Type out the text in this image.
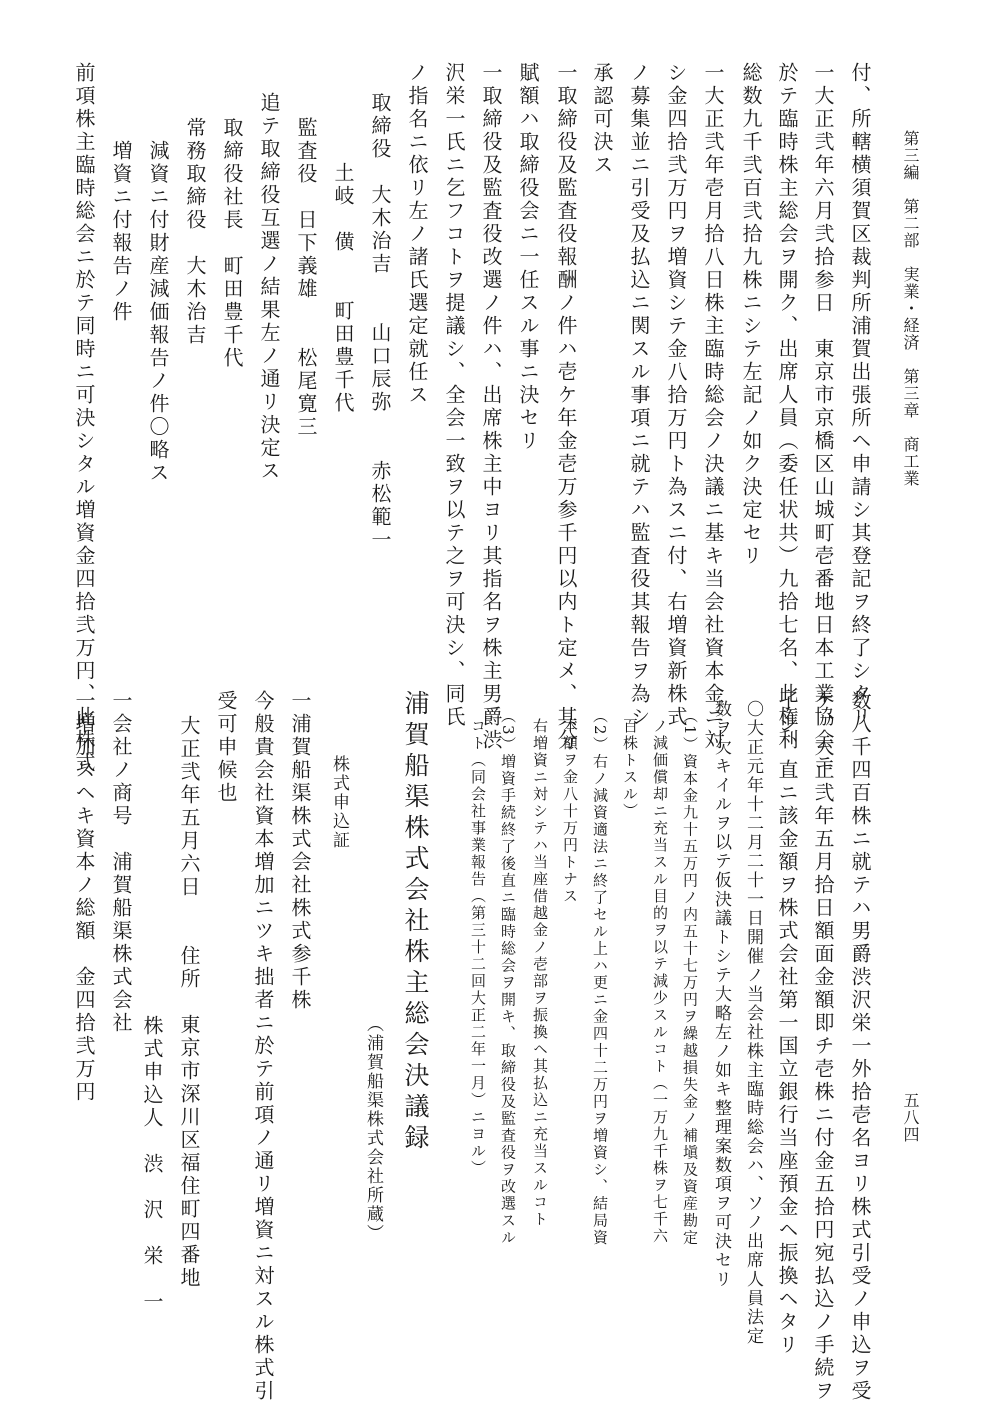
第三編　第二部　実業・経済　第三章　商工業
五八四
付、所轄横須賀区裁判所浦賀出張所ヘ申請シ其登記ヲ終了シタリ
一大正弐年六月弐拾参日　東京市京橋区山城町壱番地日本工業協会ニ
於テ臨時株主総会ヲ開ク、出席人員（委任状共）九拾七名、此権利
総数九千弐百弐拾九株ニシテ左記ノ如ク決定セリ
一大正弐年壱月拾八日株主臨時総会ノ決議ニ基キ当会社資本金ニ対
シ金四拾弐万円ヲ増資シテ金八拾万円ト為スニ付、右増資新株式
ノ募集並ニ引受及払込ニ関スル事項ニ就テハ監査役其報告ヲ為シ
承認可決ス
一取締役及監査役報酬ノ件ハ壱ケ年金壱万参千円以内ト定メ、其分
賦額ハ取締役会ニ一任スル事ニ決セリ
一取締役及監査役改選ノ件ハ、出席株主中ヨリ其指名ヲ株主男爵渋
沢栄一氏ニ乞フコトヲ提議シ、全会一致ヲ以テ之ヲ可決シ、同氏
ノ指名ニ依リ左ノ諸氏選定就任ス
取締役　大木治吉　　山口辰弥　　赤松範一
土岐　僙　　町田豊千代
監査役　日下義雄　　松尾寛三
追テ取締役互選ノ結果左ノ通リ決定ス
取締役社長　町田豊千代
常務取締役　大木治吉
減資ニ付財産減価報告ノ件〇略ス
増資ニ付報告ノ件
前項株主臨時総会ニ於テ同時ニ可決シタル増資金四拾弐万円、此株式
数八千四百株ニ就テハ男爵渋沢栄一外拾壱名ヨリ株式引受ノ申込ヲ受
ケ、大正弐年五月拾日額面金額即チ壱株ニ付金五拾円宛払込ノ手続ヲ
了シ、直ニ該金額ヲ株式会社第一国立銀行当座預金ヘ振換ヘタリ
〇大正元年十二月二十一日開催ノ当会社株主臨時総会ハ、ソノ出席人員法定
数ヲ欠キイルヲ以テ仮決議トシテ大略左ノ如キ整理案数項ヲ可決セリ
（1）資本金九十五万円ノ内五十七万円ヲ繰越損失金ノ補塡及資産勘定
ノ減価償却ニ充当スル目的ヲ以テ減少スルコト（一万九千株ヲ七千六
百株トスル）
（2）右ノ減資適法ニ終了セル上ハ更ニ金四十二万円ヲ増資シ、結局資
本額ヲ金八十万円トナス
右増資ニ対シテハ当座借越金ノ壱部ヲ振換ヘ其払込ニ充当スルコト
（3）増資手続終了後直ニ臨時総会ヲ開キ、取締役及監査役ヲ改選スル
コト（同会社事業報告（第三十二回大正二年一月）ニヨル）
浦賀船渠株式会社株主総会決議録
（浦賀船渠株式会社所蔵）
株式申込証
一浦賀船渠株式会社株式参千株
今般貴会社資本増加ニツキ拙者ニ於テ前項ノ通リ増資ニ対スル株式引
受可申候也
大正弐年五月六日　　住所　東京市深川区福住町四番地
株式申込人　渋　沢　栄　一
一会社ノ商号　浦賀船渠株式会社
一増加スヘキ資本ノ総額　金四拾弐万円
